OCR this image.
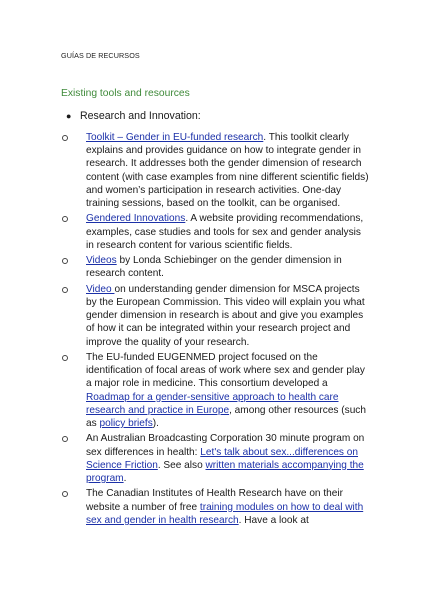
GUÍAS DE RECURSOS
Existing tools and resources
● Research and Innovation:
Toolkit – Gender in EU-funded research. This toolkit clearly explains and provides guidance on how to integrate gender in research. It addresses both the gender dimension of research content (with case examples from nine different scientific fields) and women’s participation in research activities. One-day training sessions, based on the toolkit, can be organised.
Gendered Innovations. A website providing recommendations, examples, case studies and tools for sex and gender analysis in research content for various scientific fields.
Videos by Londa Schiebinger on the gender dimension in research content.
Video on understanding gender dimension for MSCA projects by the European Commission. This video will explain you what gender dimension in research is about and give you examples of how it can be integrated within your research project and improve the quality of your research.
The EU-funded EUGENMED project focused on the identification of focal areas of work where sex and gender play a major role in medicine. This consortium developed a Roadmap for a gender-sensitive approach to health care research and practice in Europe, among other resources (such as policy briefs).
An Australian Broadcasting Corporation 30 minute program on sex differences in health: Let's talk about sex...differences on Science Friction. See also written materials accompanying the program.
The Canadian Institutes of Health Research have on their website a number of free training modules on how to deal with sex and gender in health research. Have a look at
